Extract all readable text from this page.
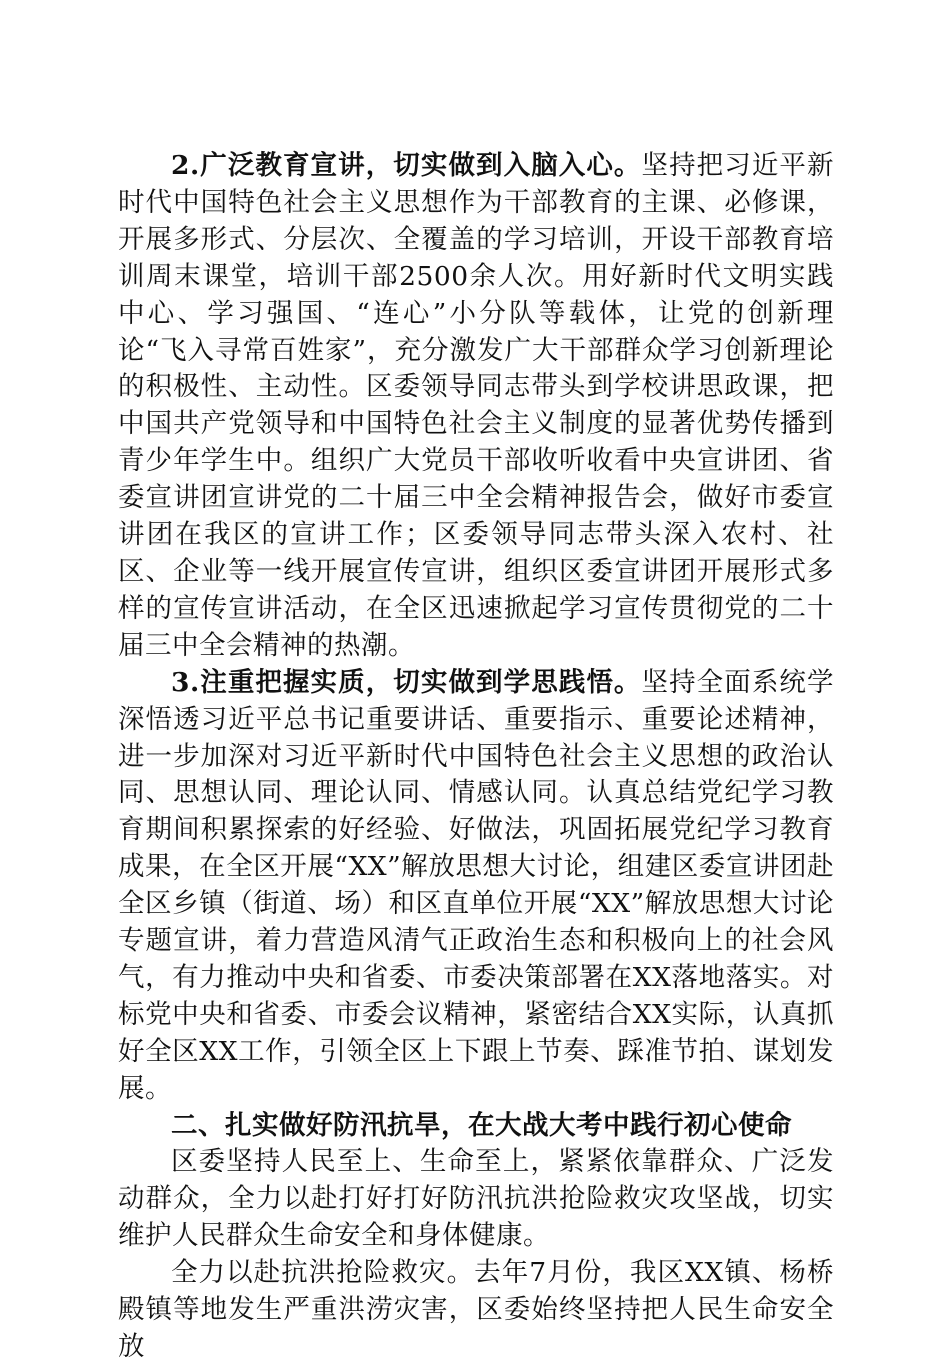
2.广泛教育宣讲，切实做到入脑入心。坚持把习近平新时代中国特色社会主义思想作为干部教育的主课、必修课，开展多形式、分层次、全覆盖的学习培训，开设干部教育培训周末课堂，培训干部2500余人次。用好新时代文明实践中心、学习强国、“连心”小分队等载体，让党的创新理论“飞入寻常百姓家”，充分激发广大干部群众学习创新理论的积极性、主动性。区委领导同志带头到学校讲思政课，把中国共产党领导和中国特色社会主义制度的显著优势传播到青少年学生中。组织广大党员干部收听收看中央宣讲团、省委宣讲团宣讲党的二十届三中全会精神报告会，做好市委宣讲团在我区的宣讲工作；区委领导同志带头深入农村、社区、企业等一线开展宣传宣讲，组织区委宣讲团开展形式多样的宣传宣讲活动，在全区迅速掀起学习宣传贯彻党的二十届三中全会精神的热潮。

3.注重把握实质，切实做到学思践悟。坚持全面系统学深悟透习近平总书记重要讲话、重要指示、重要论述精神，进一步加深对习近平新时代中国特色社会主义思想的政治认同、思想认同、理论认同、情感认同。认真总结党纪学习教育期间积累探索的好经验、好做法，巩固拓展党纪学习教育成果，在全区开展“XX”解放思想大讨论，组建区委宣讲团赴全区乡镇（街道、场）和区直单位开展“XX”解放思想大讨论专题宣讲，着力营造风清气正政治生态和积极向上的社会风气，有力推动中央和省委、市委决策部署在XX落地落实。对标党中央和省委、市委会议精神，紧密结合XX实际，认真抓好全区XX工作，引领全区上下跟上节奏、踩准节拍、谋划发展。

二、扎实做好防汛抗旱，在大战大考中践行初心使命

区委坚持人民至上、生命至上，紧紧依靠群众、广泛发动群众，全力以赴打好打好防汛抗洪抢险救灾攻坚战，切实维护人民群众生命安全和身体健康。

全力以赴抗洪抢险救灾。去年7月份，我区XX镇、杨桥殿镇等地发生严重洪涝灾害，区委始终坚持把人民生命安全放
